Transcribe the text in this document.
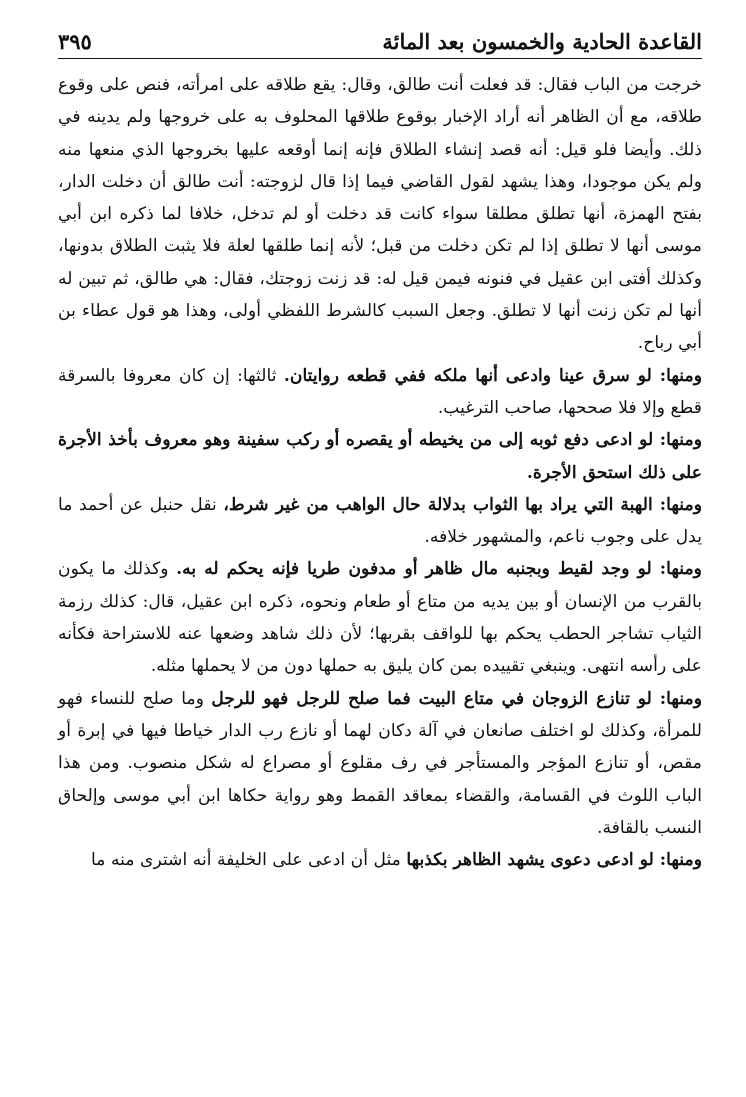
القاعدة الحادية والخمسون بعد المائة
٣٩٥

خرجت من الباب فقال: قد فعلت أنت طالق، وقال: يقع طلاقه على امرأته، فنص على وقوع طلاقه، مع أن الظاهر أنه أراد الإخبار بوقوع طلاقها المحلوف به على خروجها ولم يدينه في ذلك. وأيضا فلو قيل: أنه قصد إنشاء الطلاق فإنه إنما أوقعه عليها بخروجها الذي منعها منه ولم يكن موجودا، وهذا يشهد لقول القاضي فيما إذا قال لزوجته: أنت طالق أن دخلت الدار، بفتح الهمزة، أنها تطلق مطلقا سواء كانت قد دخلت أو لم تدخل، خلافا لما ذكره ابن أبي موسى أنها لا تطلق إذا لم تكن دخلت من قبل؛ لأنه إنما طلقها لعلة فلا يثبت الطلاق بدونها، وكذلك أفتى ابن عقيل في فنونه فيمن قيل له: قد زنت زوجتك، فقال: هي طالق، ثم تبين له أنها لم تكن زنت أنها لا تطلق. وجعل السبب كالشرط اللفظي أولى، وهذا هو قول عطاء بن أبي رباح.

ومنها: لو سرق عينا وادعى أنها ملكه ففي قطعه روايتان. ثالثها: إن كان معروفا بالسرقة قطع وإلا فلا صححها، صاحب الترغيب.

ومنها: لو ادعى دفع ثوبه إلى من يخيطه أو يقصره أو ركب سفينة وهو معروف بأخذ الأجرة على ذلك استحق الأجرة.

ومنها: الهبة التي يراد بها الثواب بدلالة حال الواهب من غير شرط، نقل حنبل عن أحمد ما يدل على وجوب ناعم، والمشهور خلافه.

ومنها: لو وجد لقيط وبجنبه مال ظاهر أو مدفون طريا فإنه يحكم له به. وكذلك ما يكون بالقرب من الإنسان أو بين يديه من متاع أو طعام ونحوه، ذكره ابن عقيل، قال: كذلك رزمة الثياب تشاجر الحطب يحكم بها للواقف بقربها؛ لأن ذلك شاهد وضعها عنه للاستراحة فكأنه على رأسه انتهى. وينبغي تقييده بمن كان يليق به حملها دون من لا يحملها مثله.

ومنها: لو تنازع الزوجان في متاع البيت فما صلح للرجل فهو للرجل وما صلح للنساء فهو للمرأة، وكذلك لو اختلف صانعان في آلة دكان لهما أو نازع رب الدار خياطا فيها في إبرة أو مقص، أو تنازع المؤجر والمستأجر في رف مقلوع أو مصراع له شكل منصوب. ومن هذا الباب اللوث في القسامة، والقضاء بمعاقد القمط وهو رواية حكاها ابن أبي موسى وإلحاق النسب بالقافة.

ومنها: لو ادعى دعوى يشهد الظاهر بكذبها مثل أن ادعى على الخليفة أنه اشترى منه ما
